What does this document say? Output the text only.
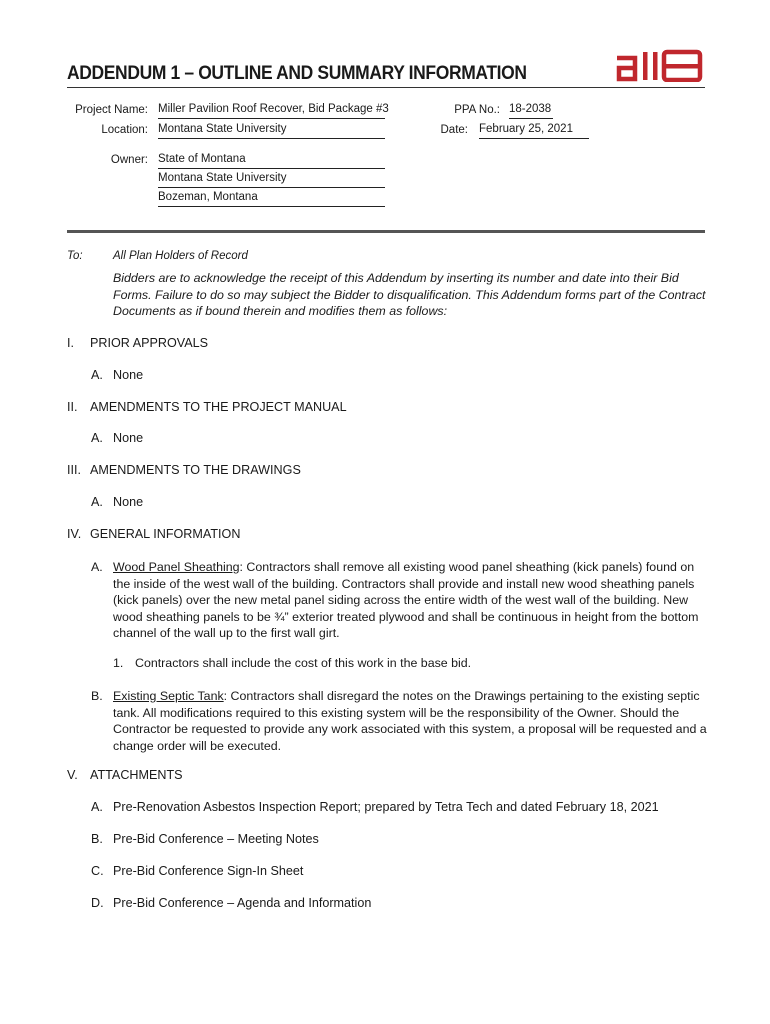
ADDENDUM 1 – OUTLINE AND SUMMARY INFORMATION
a118
Project Name: Miller Pavilion Roof Recover, Bid Package #3
Location: Montana State University
Owner: State of Montana
Montana State University
Bozeman, Montana
PPA No.: 18-2038
Date: February 25, 2021
To:	All Plan Holders of Record
Bidders are to acknowledge the receipt of this Addendum by inserting its number and date into their Bid Forms. Failure to do so may subject the Bidder to disqualification. This Addendum forms part of the Contract Documents as if bound therein and modifies them as follows:
I. PRIOR APPROVALS
A. None
II. AMENDMENTS TO THE PROJECT MANUAL
A. None
III. AMENDMENTS TO THE DRAWINGS
A. None
IV. GENERAL INFORMATION
A. Wood Panel Sheathing: Contractors shall remove all existing wood panel sheathing (kick panels) found on the inside of the west wall of the building. Contractors shall provide and install new wood sheathing panels (kick panels) over the new metal panel siding across the entire width of the west wall of the building. New wood sheathing panels to be ¾” exterior treated plywood and shall be continuous in height from the bottom channel of the wall up to the first wall girt.
1. Contractors shall include the cost of this work in the base bid.
B. Existing Septic Tank: Contractors shall disregard the notes on the Drawings pertaining to the existing septic tank. All modifications required to this existing system will be the responsibility of the Owner. Should the Contractor be requested to provide any work associated with this system, a proposal will be requested and a change order will be executed.
V. ATTACHMENTS
A. Pre-Renovation Asbestos Inspection Report; prepared by Tetra Tech and dated February 18, 2021
B. Pre-Bid Conference – Meeting Notes
C. Pre-Bid Conference Sign-In Sheet
D. Pre-Bid Conference – Agenda and Information
